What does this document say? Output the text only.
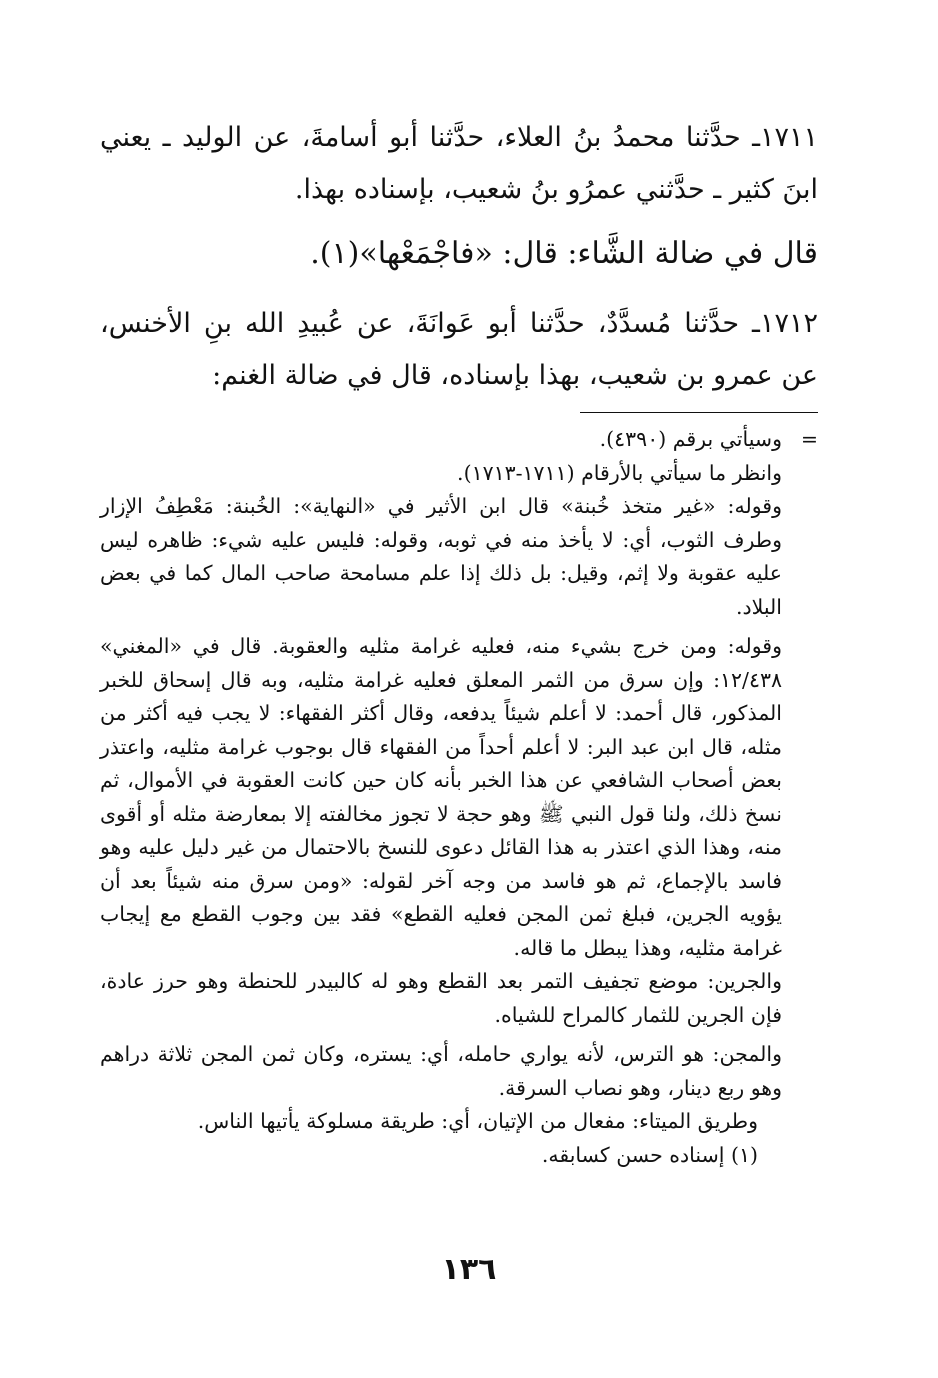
١٧١١ـ حدَّثنا محمدُ بنُ العلاء، حدَّثنا أبو أسامةَ، عن الوليد ـ يعني ابنَ كثير ـ حدَّثني عمرُو بنُ شعيب، بإسناده بهذا.

قال في ضالة الشَّاء: قال: «فاجْمَعْها»(١).

١٧١٢ـ حدَّثنا مُسدَّدٌ، حدَّثنا أبو عَوانَةَ، عن عُبيدِ الله بنِ الأخنس، عن عمرو بن شعيب، بهذا بإسناده، قال في ضالة الغنم:

=وسيأتي برقم (٤٣٩٠).

وانظر ما سيأتي بالأرقام (١٧١١-١٧١٣).

وقوله: «غير متخذ خُبنة» قال ابن الأثير في «النهاية»: الخُبنة: مَعْطِفُ الإزار وطرف الثوب، أي: لا يأخذ منه في ثوبه، وقوله: فليس عليه شيء: ظاهره ليس عليه عقوبة ولا إثم، وقيل: بل ذلك إذا علم مسامحة صاحب المال كما في بعض البلاد.

وقوله: ومن خرج بشيء منه، فعليه غرامة مثليه والعقوبة. قال في «المغني» ١٢/٤٣٨: وإن سرق من الثمر المعلق فعليه غرامة مثليه، وبه قال إسحاق للخبر المذكور، قال أحمد: لا أعلم شيئاً يدفعه، وقال أكثر الفقهاء: لا يجب فيه أكثر من مثله، قال ابن عبد البر: لا أعلم أحداً من الفقهاء قال بوجوب غرامة مثليه، واعتذر بعض أصحاب الشافعي عن هذا الخبر بأنه كان حين كانت العقوبة في الأموال، ثم نسخ ذلك، ولنا قول النبي ﷺ وهو حجة لا تجوز مخالفته إلا بمعارضة مثله أو أقوى منه، وهذا الذي اعتذر به هذا القائل دعوى للنسخ بالاحتمال من غير دليل عليه وهو فاسد بالإجماع، ثم هو فاسد من وجه آخر لقوله: «ومن سرق منه شيئاً بعد أن يؤويه الجرين، فبلغ ثمن المجن فعليه القطع» فقد بين وجوب القطع مع إيجاب غرامة مثليه، وهذا يبطل ما قاله.

والجرين: موضع تجفيف التمر بعد القطع وهو له كالبيدر للحنطة وهو حرز عادة، فإن الجرين للثمار كالمراح للشياه.

والمجن: هو الترس، لأنه يواري حامله، أي: يستره، وكان ثمن المجن ثلاثة دراهم وهو ربع دينار، وهو نصاب السرقة.

وطريق الميتاء: مفعال من الإتيان، أي: طريقة مسلوكة يأتيها الناس.

(١) إسناده حسن كسابقه.

١٣٦
